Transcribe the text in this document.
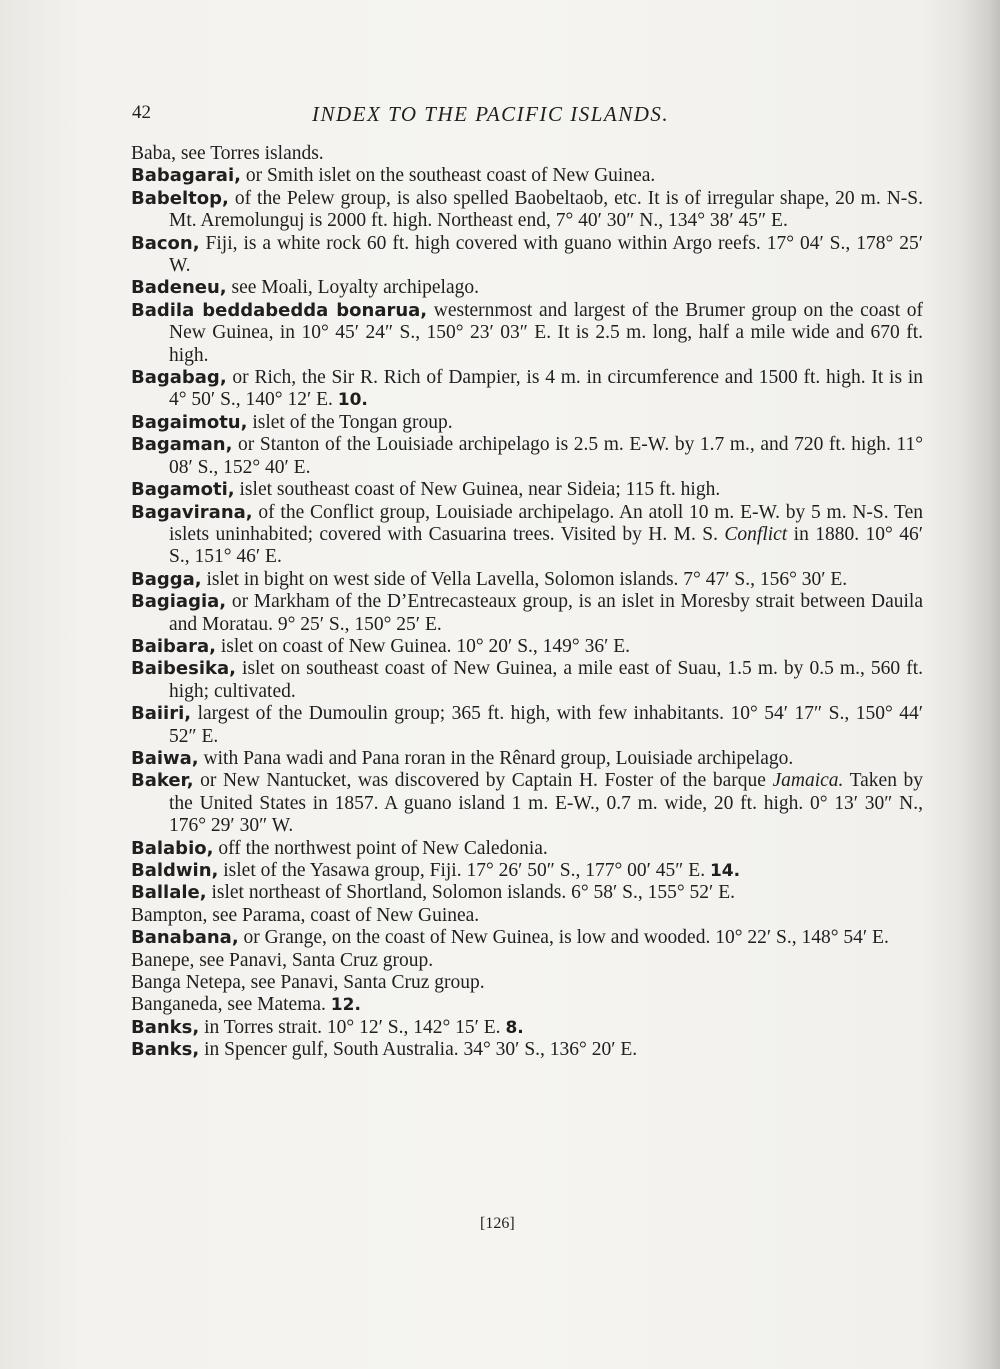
42	INDEX TO THE PACIFIC ISLANDS.
Baba, see Torres islands.
Babagarai, or Smith islet on the southeast coast of New Guinea.
Babeltop, of the Pelew group, is also spelled Baobeltaob, etc. It is of irregular shape, 20 m. N-S. Mt. Aremolunguj is 2000 ft. high. Northeast end, 7° 40′ 30″ N., 134° 38′ 45″ E.
Bacon, Fiji, is a white rock 60 ft. high covered with guano within Argo reefs. 17° 04′ S., 178° 25′ W.
Badeneu, see Moali, Loyalty archipelago.
Badila beddabedda bonarua, westernmost and largest of the Brumer group on the coast of New Guinea, in 10° 45′ 24″ S., 150° 23′ 03″ E. It is 2.5 m. long, half a mile wide and 670 ft. high.
Bagabag, or Rich, the Sir R. Rich of Dampier, is 4 m. in circumference and 1500 ft. high. It is in 4° 50′ S., 140° 12′ E. 10.
Bagaimotu, islet of the Tongan group.
Bagaman, or Stanton of the Louisiade archipelago is 2.5 m. E-W. by 1.7 m., and 720 ft. high. 11° 08′ S., 152° 40′ E.
Bagamoti, islet southeast coast of New Guinea, near Sideia; 115 ft. high.
Bagavirana, of the Conflict group, Louisiade archipelago. An atoll 10 m. E-W. by 5 m. N-S. Ten islets uninhabited; covered with Casuarina trees. Visited by H. M. S. Conflict in 1880. 10° 46′ S., 151° 46′ E.
Bagga, islet in bight on west side of Vella Lavella, Solomon islands. 7° 47′ S., 156° 30′ E.
Bagiagia, or Markham of the D’Entrecasteaux group, is an islet in Moresby strait between Dauila and Moratau. 9° 25′ S., 150° 25′ E.
Baibara, islet on coast of New Guinea. 10° 20′ S., 149° 36′ E.
Baibesika, islet on southeast coast of New Guinea, a mile east of Suau, 1.5 m. by 0.5 m., 560 ft. high; cultivated.
Baiiri, largest of the Dumoulin group; 365 ft. high, with few inhabitants. 10° 54′ 17″ S., 150° 44′ 52″ E.
Baiwa, with Pana wadi and Pana roran in the Rênard group, Louisiade archipelago.
Baker, or New Nantucket, was discovered by Captain H. Foster of the barque Jamaica. Taken by the United States in 1857. A guano island 1 m. E-W., 0.7 m. wide, 20 ft. high. 0° 13′ 30″ N., 176° 29′ 30″ W.
Balabio, off the northwest point of New Caledonia.
Baldwin, islet of the Yasawa group, Fiji. 17° 26′ 50″ S., 177° 00′ 45″ E. 14.
Ballale, islet northeast of Shortland, Solomon islands. 6° 58′ S., 155° 52′ E.
Bampton, see Parama, coast of New Guinea.
Banabana, or Grange, on the coast of New Guinea, is low and wooded. 10° 22′ S., 148° 54′ E.
Banepe, see Panavi, Santa Cruz group.
Banga Netepa, see Panavi, Santa Cruz group.
Banganeda, see Matema. 12.
Banks, in Torres strait. 10° 12′ S., 142° 15′ E. 8.
Banks, in Spencer gulf, South Australia. 34° 30′ S., 136° 20′ E.
[126]
